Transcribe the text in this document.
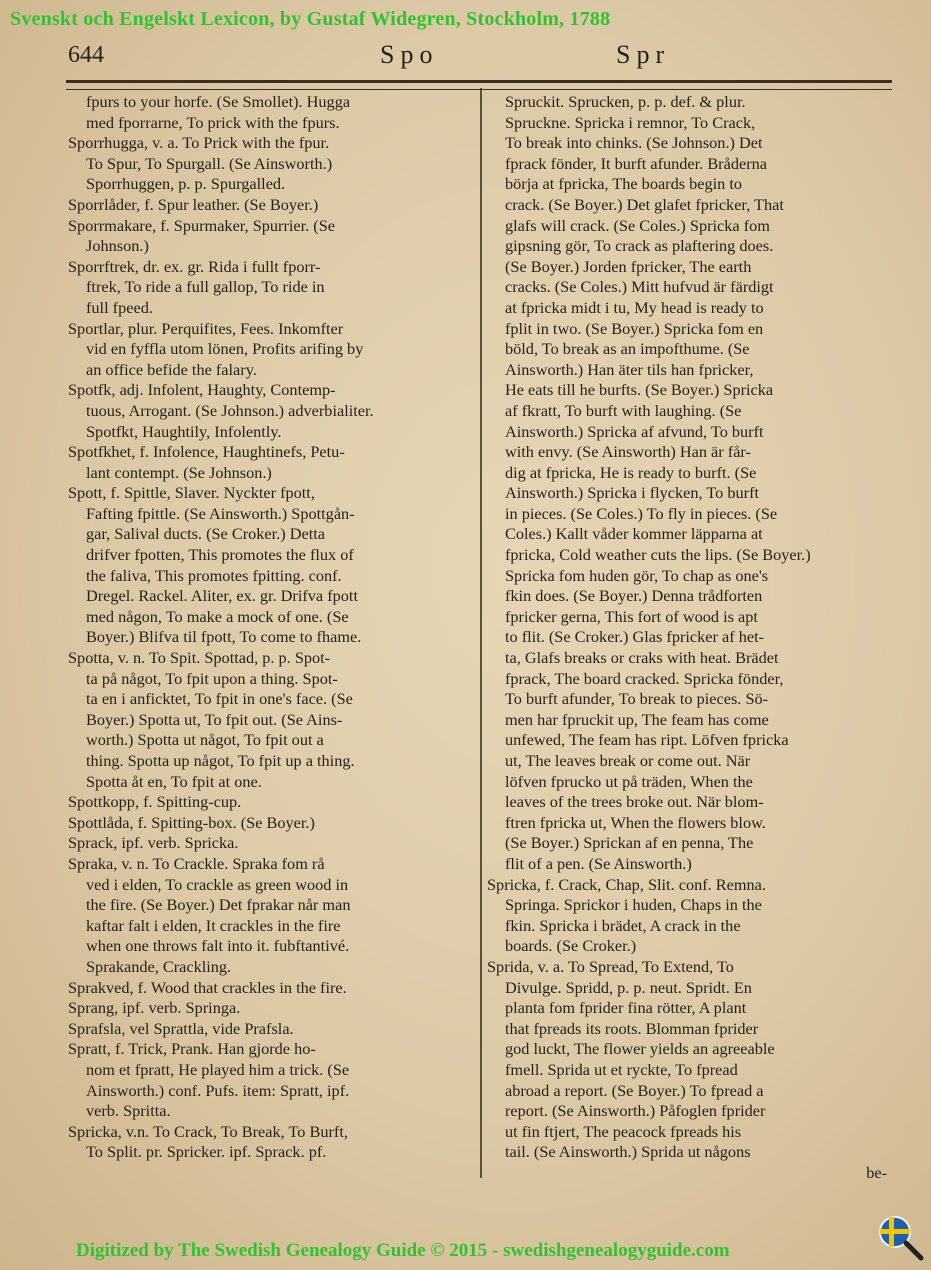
Svenskt och Engelskt Lexicon, by Gustaf Widegren, Stockholm, 1788
644	Spo	Spr
fpurs to your horfe. (Se Smollet). Hugga
med fporrarne, To prick with the fpurs.
Sporrhugga, v. a. To Prick with the fpur.
To Spur, To Spurgall. (Se Ainsworth.)
Sporrhuggen, p. p. Spurgalled.
Sporrlåder, f. Spur leather. (Se Boyer.)
Sporrmakare, f. Spurmaker, Spurrier. (Se
Johnson.)
Sporrftrek, dr. ex. gr. Rida i fullt fporr-
ftrek, To ride a full gallop, To ride in
full fpeed.
Sportlar, plur. Perquifites, Fees. Inkomfter
vid en fyffla utom lönen, Profits arifing by
an office befide the falary.
Spotfk, adj. Infolent, Haughty, Contemp-
tuous, Arrogant. (Se Johnson.) adverbialiter.
Spotfkt, Haughtily, Infolently.
Spotfkhet, f. Infolence, Haughtinefs, Petu-
lant contempt. (Se Johnson.)
Spott, f. Spittle, Slaver. Nyckter fpott,
Fafting fpittle. (Se Ainsworth.) Spottgån-
gar, Salival ducts. (Se Croker.) Detta
drifver fpotten, This promotes the flux of
the faliva, This promotes fpitting. conf.
Dregel. Rackel. Aliter, ex. gr. Drifva fpott
med någon, To make a mock of one. (Se
Boyer.) Blifva til fpott, To come to fhame.
Spotta, v. n. To Spit. Spottad, p. p. Spot-
ta på något, To fpit upon a thing. Spot-
ta en i anficktet, To fpit in one's face. (Se
Boyer.) Spotta ut, To fpit out. (Se Ains-
worth.) Spotta ut något, To fpit out a
thing. Spotta up något, To fpit up a thing.
Spotta åt en, To fpit at one.
Spottkopp, f. Spitting-cup.
Spottlåda, f. Spitting-box. (Se Boyer.)
Sprack, ipf. verb. Spricka.
Spraka, v. n. To Crackle. Spraka fom rå
ved i elden, To crackle as green wood in
the fire. (Se Boyer.) Det fprakar når man
kaftar falt i elden, It crackles in the fire
when one throws falt into it. fubftantivé.
Sprakande, Crackling.
Sprakved, f. Wood that crackles in the fire.
Sprang, ipf. verb. Springa.
Sprafsla, vel Sprattla, vide Prafsla.
Spratt, f. Trick, Prank. Han gjorde ho-
nom et fpratt, He played him a trick. (Se
Ainsworth.) conf. Pufs. item: Spratt, ipf.
verb. Spritta.
Spricka, v.n. To Crack, To Break, To Burft,
To Split. pr. Spricker. ipf. Sprack. pf.
Spruckit. Sprucken, p. p. def. & plur.
Spruckne. Spricka i remnor, To Crack,
To break into chinks. (Se Johnson.) Det
fprack fönder, It burft afunder. Bråderna
börja at fpricka, The boards begin to
crack. (Se Boyer.) Det glafet fpricker, That
glafs will crack. (Se Coles.) Spricka fom
gipsning gör, To crack as plaftering does.
(Se Boyer.) Jorden fpricker, The earth
cracks. (Se Coles.) Mitt hufvud är färdigt
at fpricka midt i tu, My head is ready to
fplit in two. (Se Boyer.) Spricka fom en
böld, To break as an impofthume. (Se
Ainsworth.) Han äter tils han fpricker,
He eats till he burfts. (Se Boyer.) Spricka
af fkratt, To burft with laughing. (Se
Ainsworth.) Spricka af afvund, To burft
with envy. (Se Ainsworth) Han är får-
dig at fpricka, He is ready to burft. (Se
Ainsworth.) Spricka i flycken, To burft
in pieces. (Se Coles.) To fly in pieces. (Se
Coles.) Kallt våder kommer läpparna at
fpricka, Cold weather cuts the lips. (Se Boyer.)
Spricka fom huden gör, To chap as one's
fkin does. (Se Boyer.) Denna trådforten
fpricker gerna, This fort of wood is apt
to flit. (Se Croker.) Glas fpricker af het-
ta, Glafs breaks or craks with heat. Brädet
fprack, The board cracked. Spricka fönder,
To burft afunder, To break to pieces. Sö-
men har fpruckit up, The feam has come
unfewed, The feam has ript. Löfven fpricka
ut, The leaves break or come out. När
löfven fprucko ut på träden, When the
leaves of the trees broke out. När blom-
ftren fpricka ut, When the flowers blow.
(Se Boyer.) Sprickan af en penna, The
flit of a pen. (Se Ainsworth.)
Spricka, f. Crack, Chap, Slit. conf. Remna.
Springa. Sprickor i huden, Chaps in the
fkin. Spricka i brädet, A crack in the
boards. (Se Croker.)
Sprida, v. a. To Spread, To Extend, To
Divulge. Spridd, p. p. neut. Spridt. En
planta fom fprider fina rötter, A plant
that fpreads its roots. Blomman fprider
god luckt, The flower yields an agreeable
fmell. Sprida ut et ryckte, To fpread
abroad a report. (Se Boyer.) To fpread a
report. (Se Ainsworth.) Påfoglen fprider
ut fin ftjert, The peacock fpreads his
tail. (Se Ainsworth.) Sprida ut någons
be-
Digitized by The Swedish Genealogy Guide © 2015 - swedishgenealogyguide.com
